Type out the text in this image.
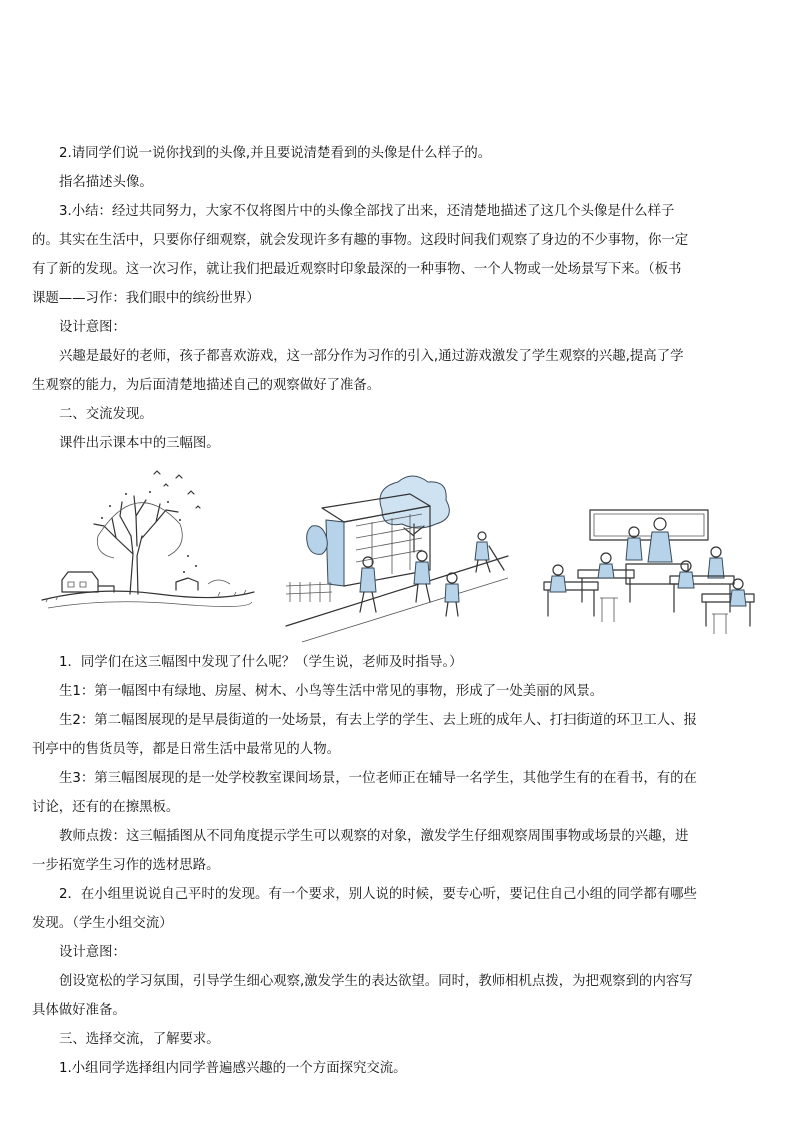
2.请同学们说一说你找到的头像,并且要说清楚看到的头像是什么样子的。
指名描述头像。
3.小结：经过共同努力，大家不仅将图片中的头像全部找了出来，还清楚地描述了这几个头像是什么样子
的。其实在生活中，只要你仔细观察，就会发现许多有趣的事物。这段时间我们观察了身边的不少事物，你一定
有了新的发现。这一次习作，就让我们把最近观察时印象最深的一种事物、一个人物或一处场景写下来。（板书
课题——习作：我们眼中的缤纷世界）
设计意图：
兴趣是最好的老师，孩子都喜欢游戏，这一部分作为习作的引入,通过游戏激发了学生观察的兴趣,提高了学
生观察的能力，为后面清楚地描述自己的观察做好了准备。
二、交流发现。
课件出示课本中的三幅图。
1．同学们在这三幅图中发现了什么呢？（学生说，老师及时指导。）
生1：第一幅图中有绿地、房屋、树木、小鸟等生活中常见的事物，形成了一处美丽的风景。
生2：第二幅图展现的是早晨街道的一处场景，有去上学的学生、去上班的成年人、打扫街道的环卫工人、报
刊亭中的售货员等，都是日常生活中最常见的人物。
生3：第三幅图展现的是一处学校教室课间场景，一位老师正在辅导一名学生，其他学生有的在看书，有的在
讨论，还有的在擦黑板。
教师点拨：这三幅插图从不同角度提示学生可以观察的对象，激发学生仔细观察周围事物或场景的兴趣，进
一步拓宽学生习作的选材思路。
2．在小组里说说自己平时的发现。有一个要求，别人说的时候，要专心听，要记住自己小组的同学都有哪些
发现。（学生小组交流）
设计意图：
创设宽松的学习氛围，引导学生细心观察,激发学生的表达欲望。同时，教师相机点拨，为把观察到的内容写
具体做好准备。
三、选择交流，了解要求。
1.小组同学选择组内同学普遍感兴趣的一个方面探究交流。
